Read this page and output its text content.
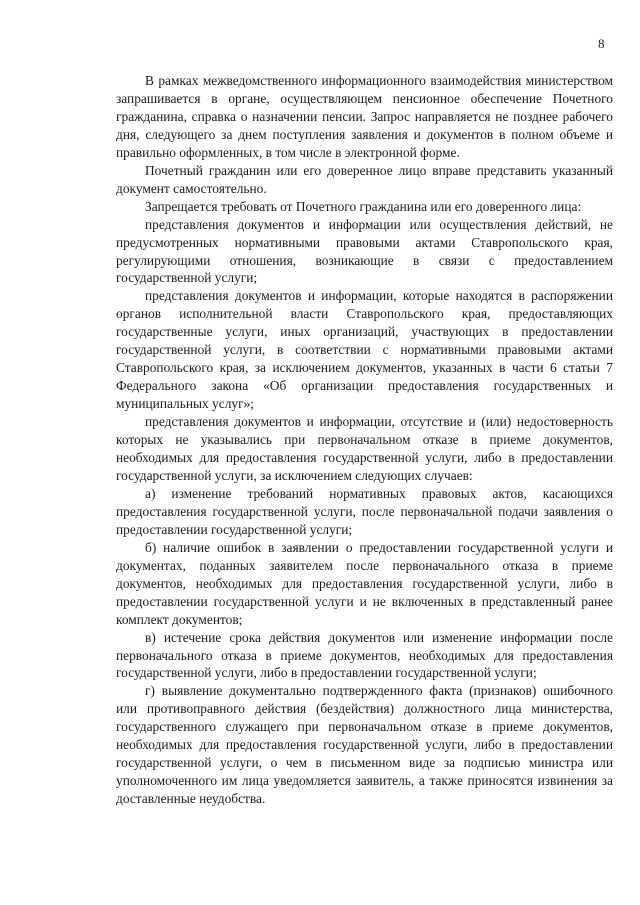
8

В рамках межведомственного информационного взаимодействия министерством запрашивается в органе, осуществляющем пенсионное обеспечение Почетного гражданина, справка о назначении пенсии. Запрос направляется не позднее рабочего дня, следующего за днем поступления заявления и документов в полном объеме и правильно оформленных, в том числе в электронной форме.

Почетный гражданин или его доверенное лицо вправе представить указанный документ самостоятельно.

Запрещается требовать от Почетного гражданина или его доверенного лица:

представления документов и информации или осуществления действий, не предусмотренных нормативными правовыми актами Ставропольского края, регулирующими отношения, возникающие в связи с предоставлением государственной услуги;

представления документов и информации, которые находятся в распоряжении органов исполнительной власти Ставропольского края, предоставляющих государственные услуги, иных организаций, участвующих в предоставлении государственной услуги, в соответствии с нормативными правовыми актами Ставропольского края, за исключением документов, указанных в части 6 статьи 7 Федерального закона «Об организации предоставления государственных и муниципальных услуг»;

представления документов и информации, отсутствие и (или) недостоверность которых не указывались при первоначальном отказе в приеме документов, необходимых для предоставления государственной услуги, либо в предоставлении государственной услуги, за исключением следующих случаев:

а) изменение требований нормативных правовых актов, касающихся предоставления государственной услуги, после первоначальной подачи заявления о предоставлении государственной услуги;

б) наличие ошибок в заявлении о предоставлении государственной услуги и документах, поданных заявителем после первоначального отказа в приеме документов, необходимых для предоставления государственной услуги, либо в предоставлении государственной услуги и не включенных в представленный ранее комплект документов;

в) истечение срока действия документов или изменение информации после первоначального отказа в приеме документов, необходимых для предоставления государственной услуги, либо в предоставлении государственной услуги;

г) выявление документально подтвержденного факта (признаков) ошибочного или противоправного действия (бездействия) должностного лица министерства, государственного служащего при первоначальном отказе в приеме документов, необходимых для предоставления государственной услуги, либо в предоставлении государственной услуги, о чем в письменном виде за подписью министра или уполномоченного им лица уведомляется заявитель, а также приносятся извинения за доставленные неудобства.
